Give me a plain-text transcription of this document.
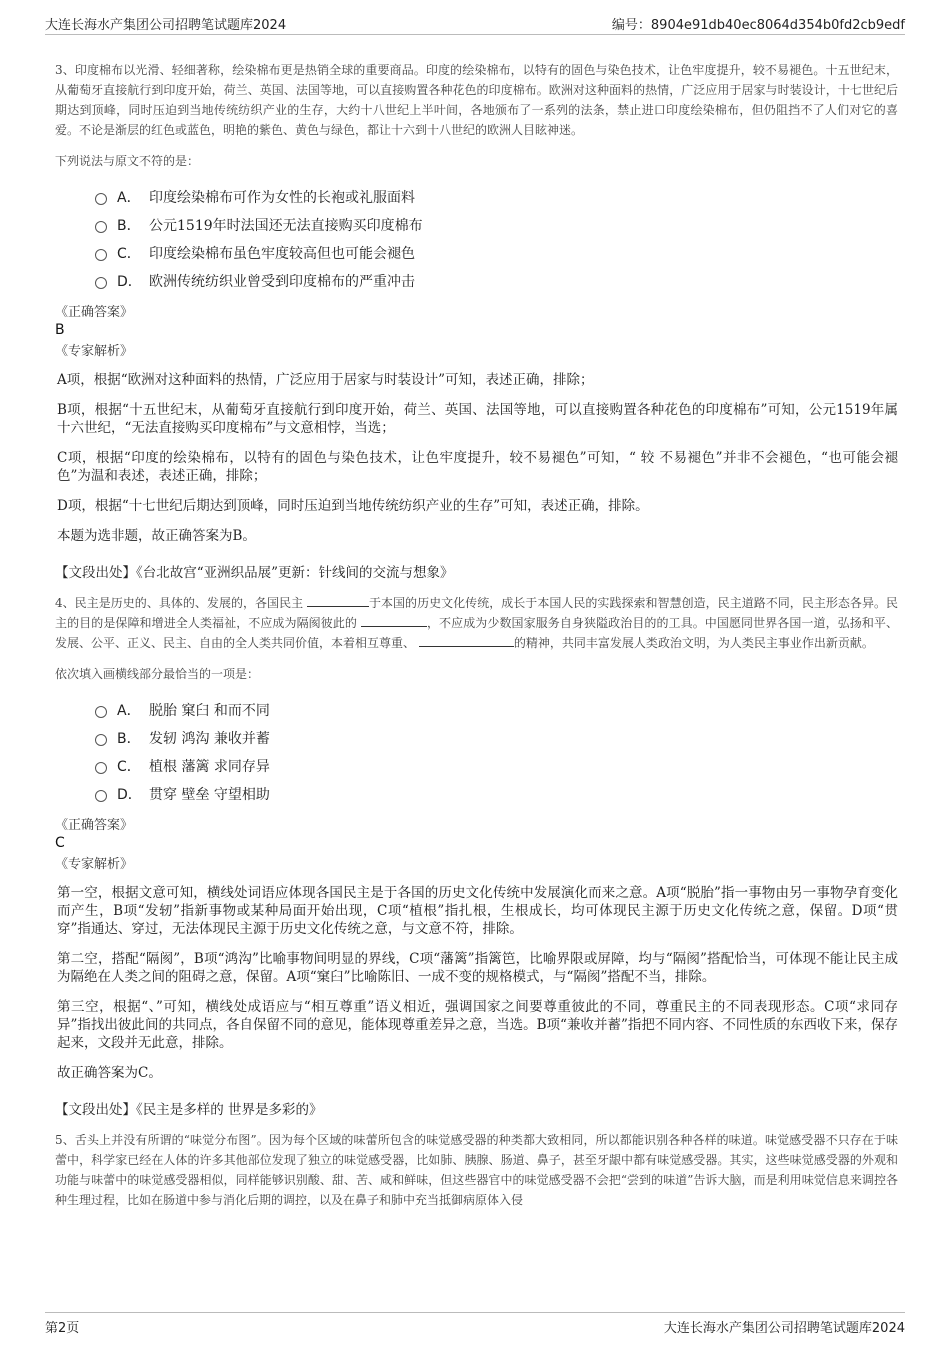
大连长海水产集团公司招聘笔试题库2024	编号：8904e91db40ec8064d354b0fd2cb9edf

3、印度棉布以光滑、轻细著称，绘染棉布更是热销全球的重要商品。印度的绘染棉布，以特有的固色与染色技术，让色牢度提升，较不易褪色。十五世纪末，从葡萄牙直接航行到印度开始，荷兰、英国、法国等地，可以直接购置各种花色的印度棉布。欧洲对这种面料的热情，广泛应用于居家与时装设计，十七世纪后期达到顶峰，同时压迫到当地传统纺织产业的生存，大约十八世纪上半叶间，各地颁布了一系列的法条，禁止进口印度绘染棉布，但仍阻挡不了人们对它的喜爱。不论是渐层的红色或蓝色，明艳的紫色、黄色与绿色，都让十六到十八世纪的欧洲人目眩神迷。

下列说法与原文不符的是：
A． 印度绘染棉布可作为女性的长袍或礼服面料
B． 公元1519年时法国还无法直接购买印度棉布
C． 印度绘染棉布虽色牢度较高但也可能会褪色
D． 欧洲传统纺织业曾受到印度棉布的严重冲击
《正确答案》
B
《专家解析》

A项，根据“欧洲对这种面料的热情，广泛应用于居家与时装设计”可知，表述正确，排除；

B项，根据“十五世纪末，从葡萄牙直接航行到印度开始，荷兰、英国、法国等地，可以直接购置各种花色的印度棉布”可知，公元1519年属十六世纪，“无法直接购买印度棉布”与文意相悖，当选；

C项，根据“印度的绘染棉布，以特有的固色与染色技术，让色牢度提升，较不易褪色”可知，“ 较 不易褪色”并非不会褪色，“也可能会褪色”为温和表述，表述正确，排除；

D项，根据“十七世纪后期达到顶峰，同时压迫到当地传统纺织产业的生存”可知，表述正确，排除。

本题为选非题，故正确答案为B。

【文段出处】《台北故宫“亚洲织品展”更新：针线间的交流与想象》

4、民主是历史的、具体的、发展的，各国民主	于本国的历史文化传统，成长于本国人民的实践探索和智慧创造，民主道路不同，民主形态各异。民主的目的是保障和增进全人类福祉，不应成为隔阂彼此的	，不应成为少数国家服务自身狭隘政治目的的工具。中国愿同世界各国一道，弘扬和平、发展、公平、正义、民主、自由的全人类共同价值，本着相互尊重、	的精神，共同丰富发展人类政治文明，为人类民主事业作出新贡献。

依次填入画横线部分最恰当的一项是：
A． 脱胎 窠臼 和而不同
B． 发轫 鸿沟 兼收并蓄
C． 植根 藩篱 求同存异
D． 贯穿 壁垒 守望相助
《正确答案》
C
《专家解析》

第一空，根据文意可知，横线处词语应体现各国民主是于各国的历史文化传统中发展演化而来之意。A项“脱胎”指一事物由另一事物孕育变化而产生，B项“发轫”指新事物或某种局面开始出现，C项“植根”指扎根，生根成长，均可体现民主源于历史文化传统之意，保留。D项“贯穿”指通达、穿过，无法体现民主源于历史文化传统之意，与文意不符，排除。

第二空，搭配“隔阂”，B项“鸿沟”比喻事物间明显的界线，C项“藩篱”指篱笆，比喻界限或屏障，均与“隔阂”搭配恰当，可体现不能让民主成为隔绝在人类之间的阻碍之意，保留。A项“窠臼”比喻陈旧、一成不变的规格模式，与“隔阂”搭配不当，排除。

第三空，根据“、”可知，横线处成语应与“相互尊重”语义相近，强调国家之间要尊重彼此的不同，尊重民主的不同表现形态。C项“求同存异”指找出彼此间的共同点，各自保留不同的意见，能体现尊重差异之意，当选。B项“兼收并蓄”指把不同内容、不同性质的东西收下来，保存起来，文段并无此意，排除。

故正确答案为C。

【文段出处】《民主是多样的 世界是多彩的》

5、舌头上并没有所谓的“味觉分布图”。因为每个区域的味蕾所包含的味觉感受器的种类都大致相同，所以都能识别各种各样的味道。味觉感受器不只存在于味蕾中，科学家已经在人体的许多其他部位发现了独立的味觉感受器，比如肺、胰腺、肠道、鼻子，甚至牙龈中都有味觉感受器。其实，这些味觉感受器的外观和功能与味蕾中的味觉感受器相似，同样能够识别酸、甜、苦、咸和鲜味，但这些器官中的味觉感受器不会把“尝到的味道”告诉大脑，而是利用味觉信息来调控各种生理过程，比如在肠道中参与消化后期的调控，以及在鼻子和肺中充当抵御病原体入侵

第2页	大连长海水产集团公司招聘笔试题库2024
